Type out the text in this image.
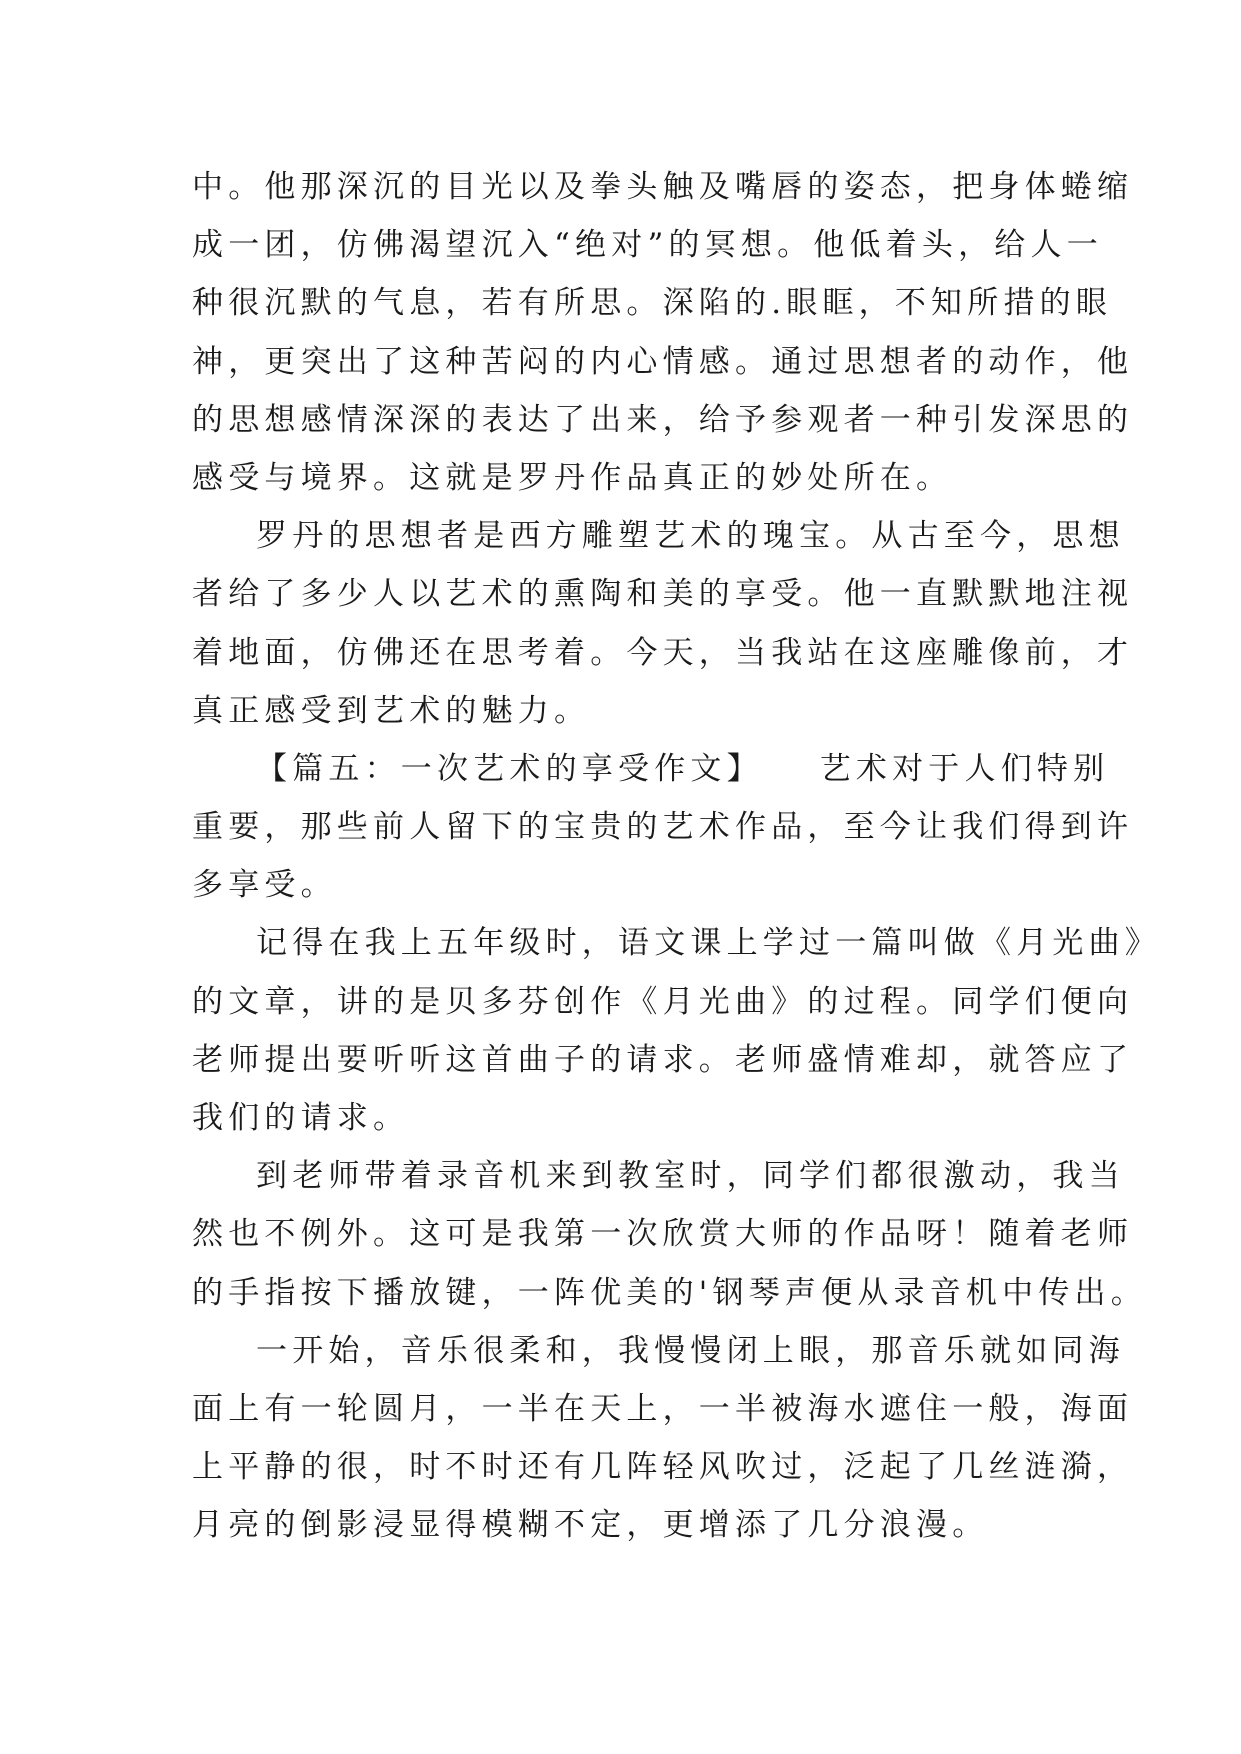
中。他那深沉的目光以及拳头触及嘴唇的姿态，把身体蜷缩
成一团，仿佛渴望沉入“绝对”的冥想。他低着头，给人一
种很沉默的气息，若有所思。深陷的.眼眶，不知所措的眼
神，更突出了这种苦闷的内心情感。通过思想者的动作，他
的思想感情深深的表达了出来，给予参观者一种引发深思的
感受与境界。这就是罗丹作品真正的妙处所在。
罗丹的思想者是西方雕塑艺术的瑰宝。从古至今，思想
者给了多少人以艺术的熏陶和美的享受。他一直默默地注视
着地面，仿佛还在思考着。今天，当我站在这座雕像前，才
真正感受到艺术的魅力。
【篇五：一次艺术的享受作文】　　艺术对于人们特别
重要，那些前人留下的宝贵的艺术作品，至今让我们得到许
多享受。
记得在我上五年级时，语文课上学过一篇叫做《月光曲》
的文章，讲的是贝多芬创作《月光曲》的过程。同学们便向
老师提出要听听这首曲子的请求。老师盛情难却，就答应了
我们的请求。
到老师带着录音机来到教室时，同学们都很激动，我当
然也不例外。这可是我第一次欣赏大师的作品呀！随着老师
的手指按下播放键，一阵优美的'钢琴声便从录音机中传出。
一开始，音乐很柔和，我慢慢闭上眼，那音乐就如同海
面上有一轮圆月，一半在天上，一半被海水遮住一般，海面
上平静的很，时不时还有几阵轻风吹过，泛起了几丝涟漪，
月亮的倒影浸显得模糊不定，更增添了几分浪漫。
